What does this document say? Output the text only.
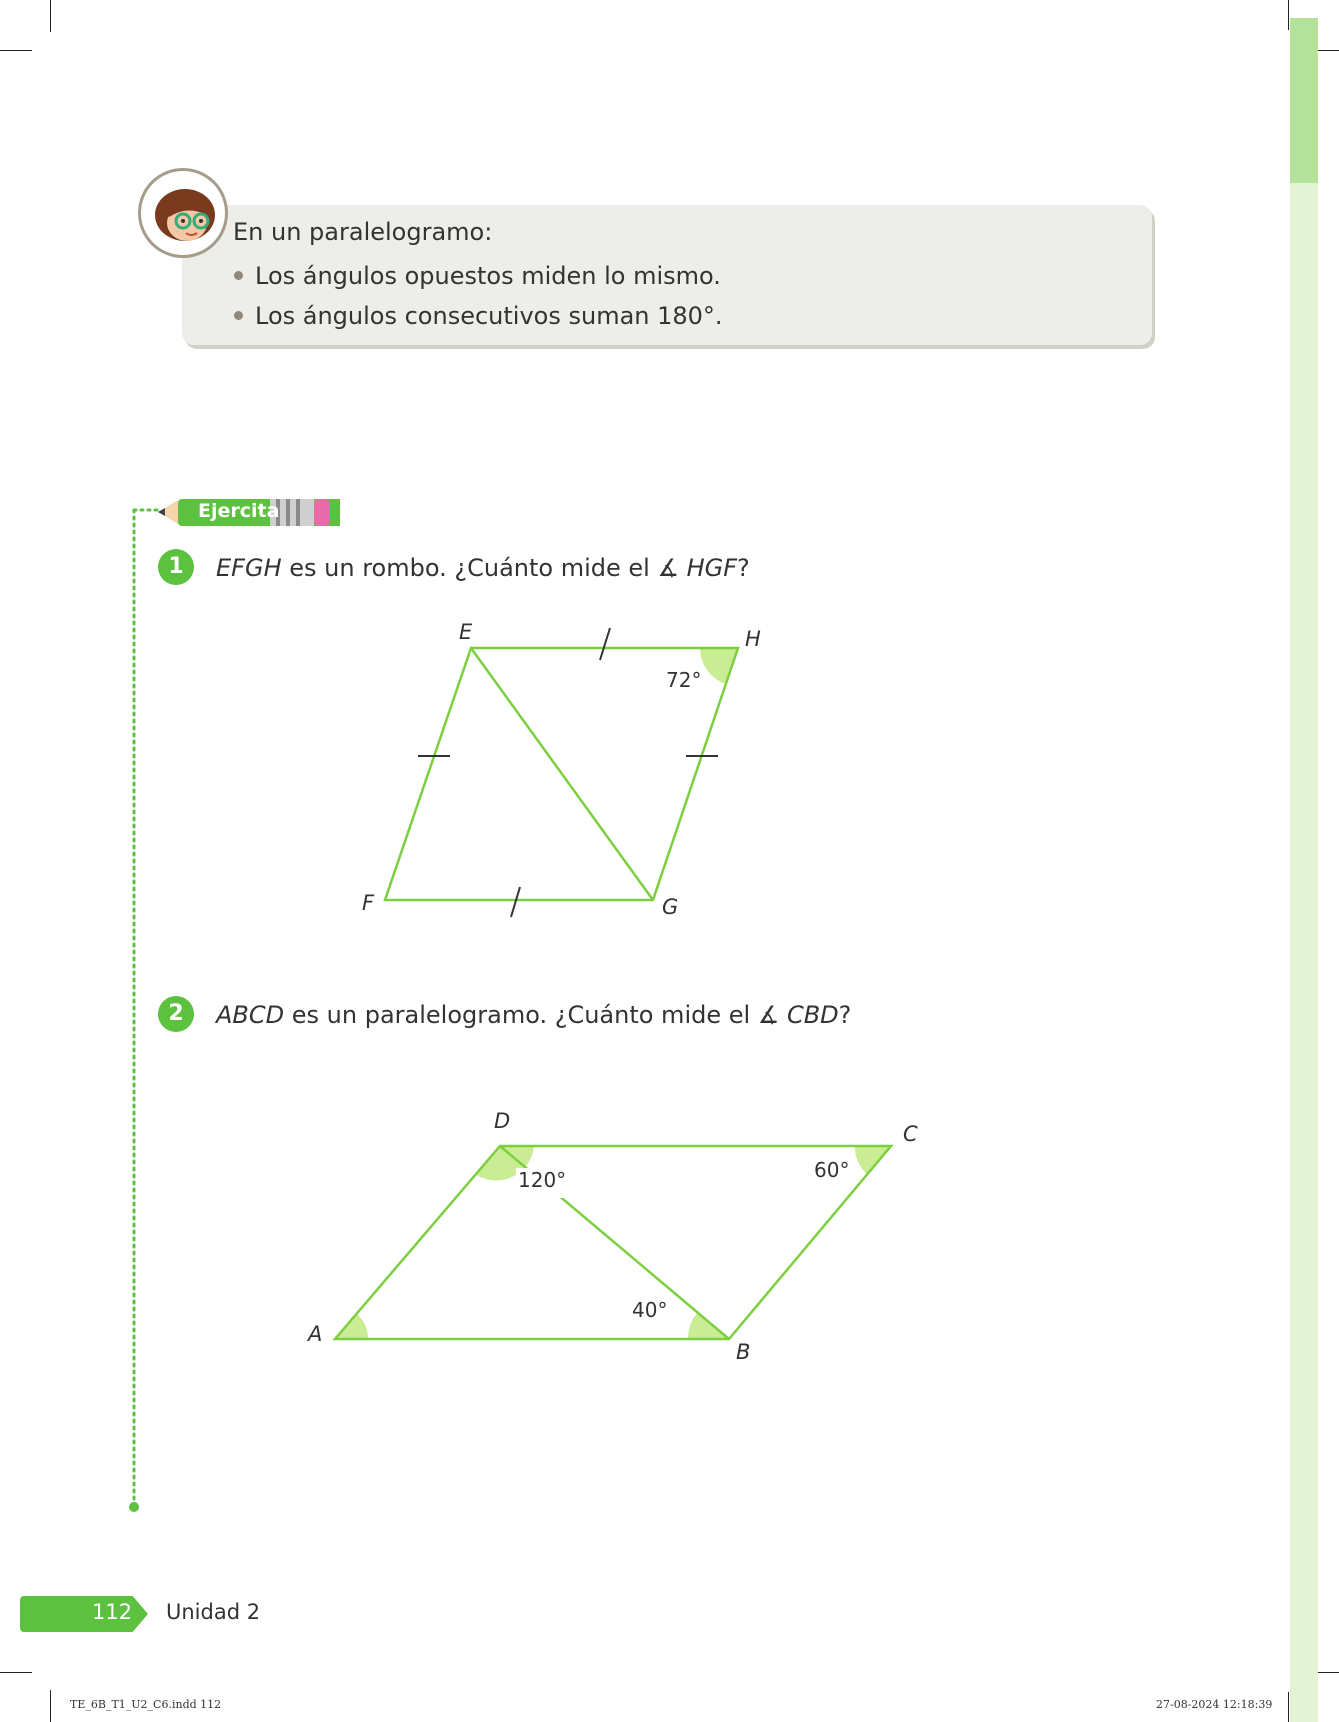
En un paralelogramo:
Los ángulos opuestos miden lo mismo.
Los ángulos consecutivos suman 180°.
Ejercita
1	EFGH es un rombo. ¿Cuánto mide el ∡ HGF?
E	H
F	G
72°
2	ABCD es un paralelogramo. ¿Cuánto mide el ∡ CBD?
D
C
A
B
120°	60°
40°
112 Unidad 2
TE_6B_T1_U2_C6.indd 112	27-08-2024 12:18:39
